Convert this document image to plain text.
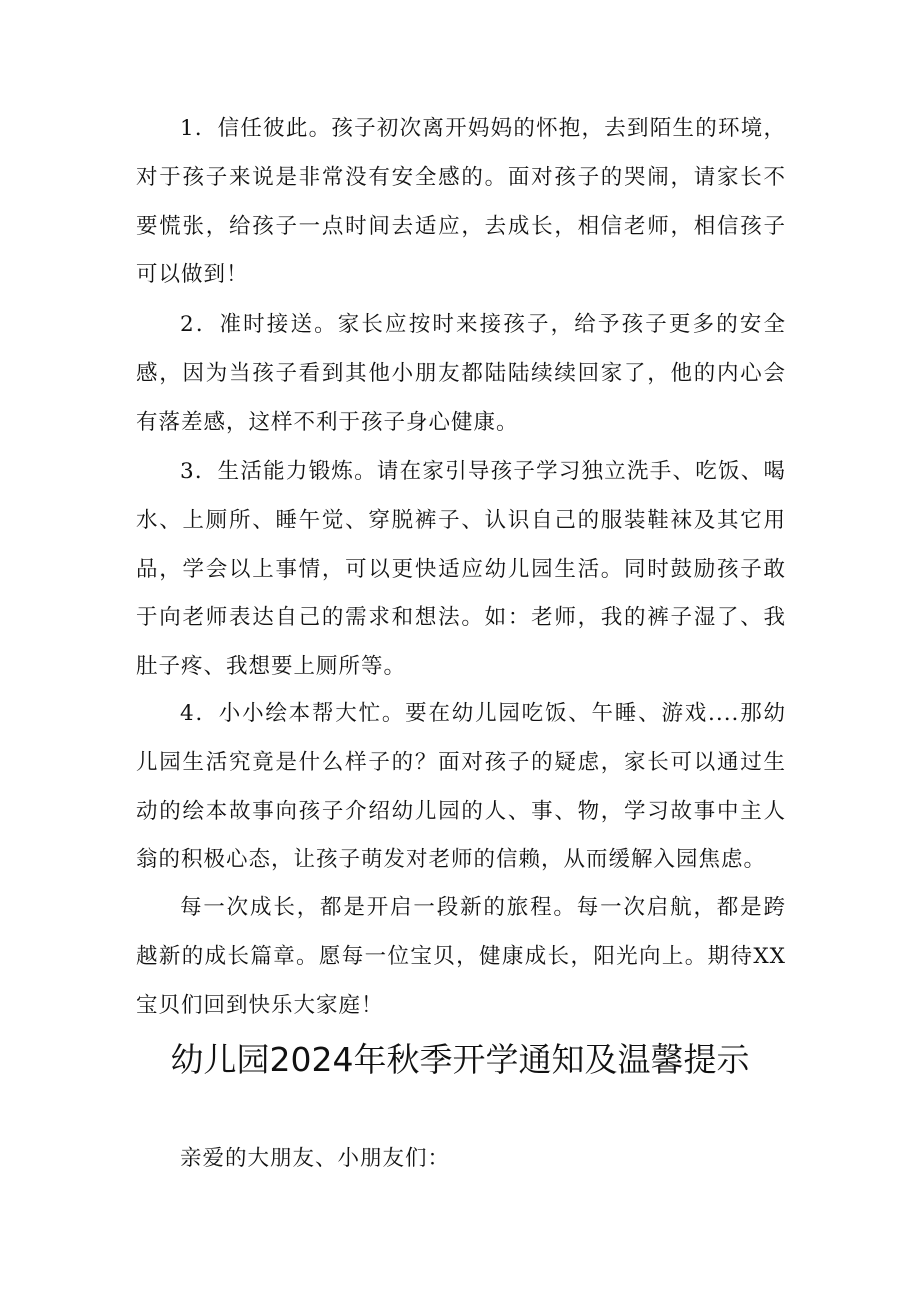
1．信任彼此。孩子初次离开妈妈的怀抱，去到陌生的环境，对于孩子来说是非常没有安全感的。面对孩子的哭闹，请家长不要慌张，给孩子一点时间去适应，去成长，相信老师，相信孩子可以做到！

2．准时接送。家长应按时来接孩子，给予孩子更多的安全感，因为当孩子看到其他小朋友都陆陆续续回家了，他的内心会有落差感，这样不利于孩子身心健康。

3．生活能力锻炼。请在家引导孩子学习独立洗手、吃饭、喝水、上厕所、睡午觉、穿脱裤子、认识自己的服装鞋袜及其它用品，学会以上事情，可以更快适应幼儿园生活。同时鼓励孩子敢于向老师表达自己的需求和想法。如：老师，我的裤子湿了、我肚子疼、我想要上厕所等。

4．小小绘本帮大忙。要在幼儿园吃饭、午睡、游戏....那幼儿园生活究竟是什么样子的？面对孩子的疑虑，家长可以通过生动的绘本故事向孩子介绍幼儿园的人、事、物，学习故事中主人翁的积极心态，让孩子萌发对老师的信赖，从而缓解入园焦虑。

每一次成长，都是开启一段新的旅程。每一次启航，都是跨越新的成长篇章。愿每一位宝贝，健康成长，阳光向上。期待XX宝贝们回到快乐大家庭！

幼儿园2024年秋季开学通知及温馨提示

亲爱的大朋友、小朋友们：
